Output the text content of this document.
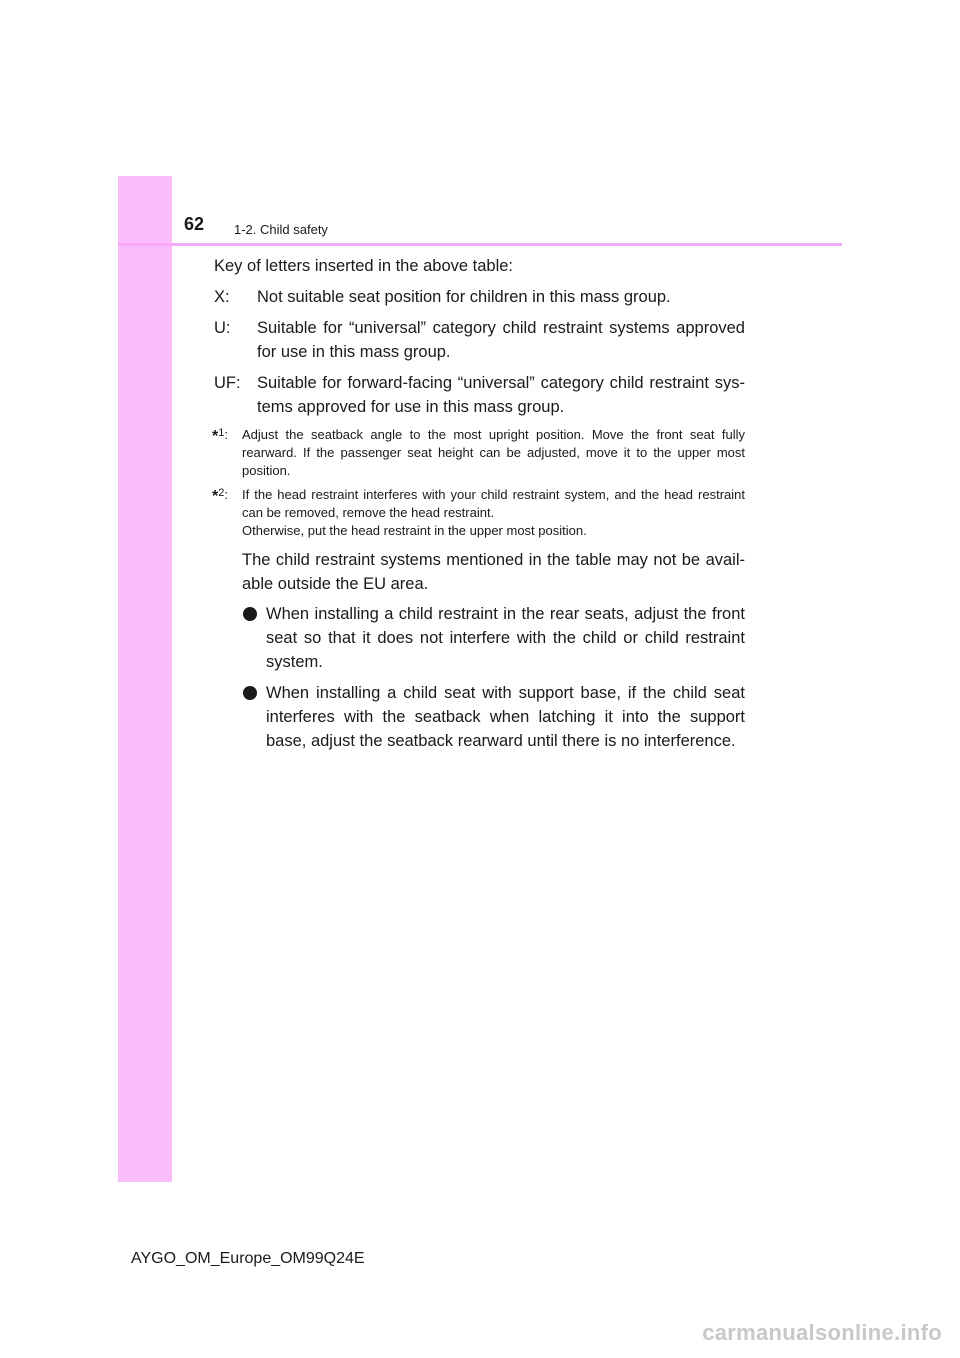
62 1-2. Child safety
Key of letters inserted in the above table:
X:	Not suitable seat position for children in this mass group.
U:	Suitable for “universal” category child restraint systems approved for use in this mass group.
UF: Suitable for forward-facing “universal” category child restraint sys-tems approved for use in this mass group.
*$^1$:	Adjust the seatback angle to the most upright position. Move the front seat fully rearward. If the passenger seat height can be adjusted, move it to the upper most position.
*$^2$:	If the head restraint interferes with your child restraint system, and the head restraint can be removed, remove the head restraint.
Otherwise, put the head restraint in the upper most position.
The child restraint systems mentioned in the table may not be avail-able outside the EU area.
When installing a child restraint in the rear seats, adjust the front seat so that it does not interfere with the child or child restraint system.
When installing a child seat with support base, if the child seat interferes with the seatback when latching it into the support base, adjust the seatback rearward until there is no interference.
AYGO_OM_Europe_OM99Q24E
carmanualsonline.info
